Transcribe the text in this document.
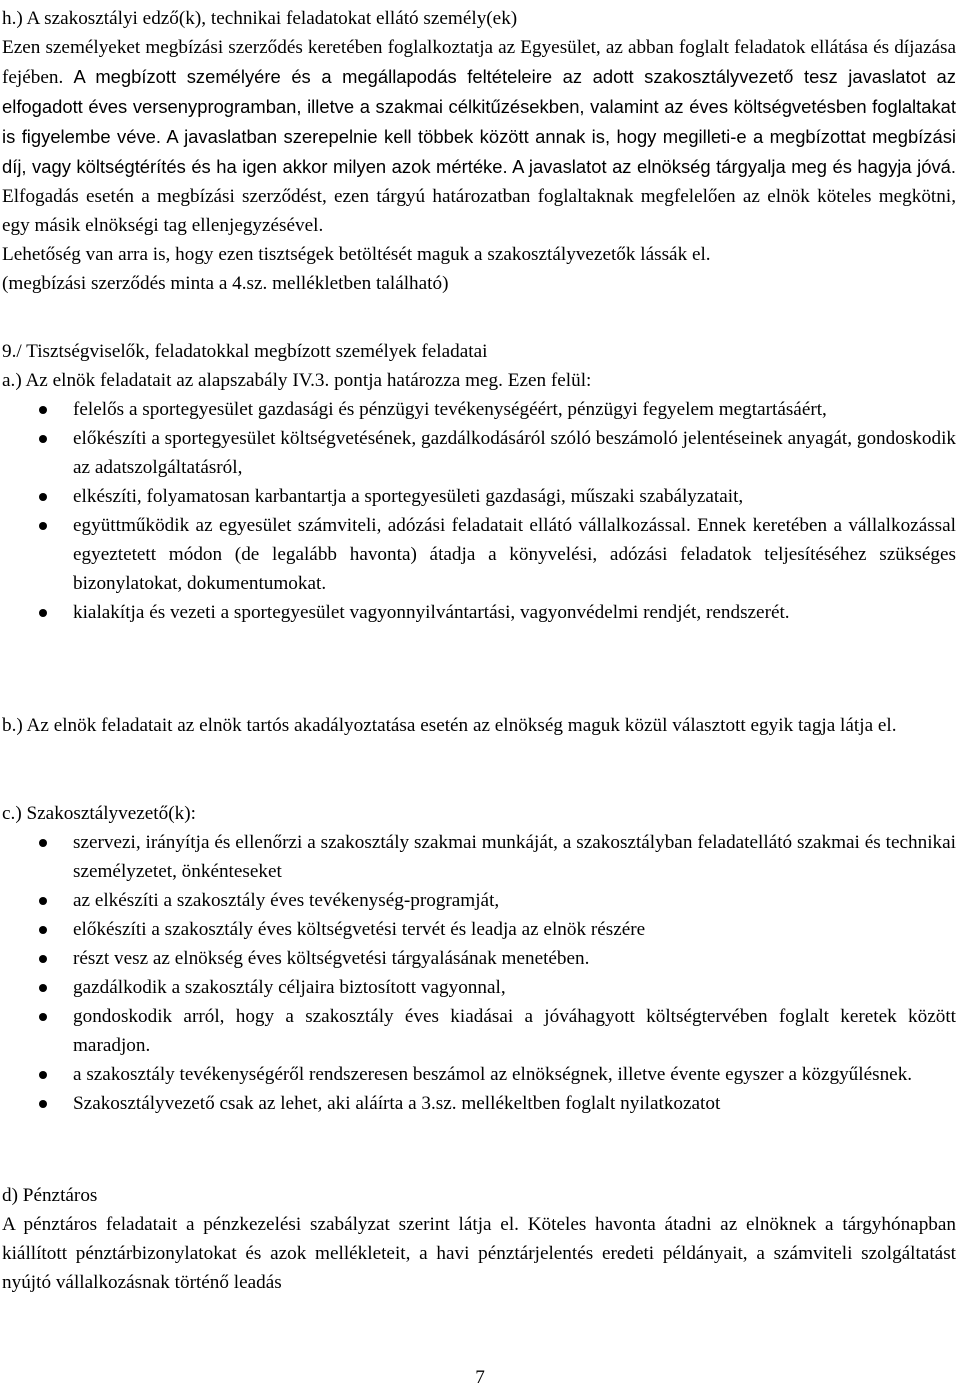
h.) A szakosztályi edző(k), technikai feladatokat ellátó személy(ek)
Ezen személyeket megbízási szerződés keretében foglalkoztatja az Egyesület, az abban foglalt feladatok ellátása és díjazása fejében. A megbízott személyére és a megállapodás feltételeire az adott szakosztályvezető tesz javaslatot az elfogadott éves versenyprogramban, illetve a szakmai célkitűzésekben, valamint az éves költségvetésben foglaltakat is figyelembe véve. A javaslatban szerepelnie kell többek között annak is, hogy megilleti-e a megbízottat megbízási díj, vagy költségtérítés és ha igen akkor milyen azok mértéke. A javaslatot az elnökség tárgyalja meg és hagyja jóvá. Elfogadás esetén a megbízási szerződést, ezen tárgyú határozatban foglaltaknak megfelelően az elnök köteles megkötni, egy másik elnökségi tag ellenjegyzésével.
Lehetőség van arra is, hogy ezen tisztségek betöltését maguk a szakosztályvezetők lássák el.
(megbízási szerződés minta a 4.sz. mellékletben található)
9./ Tisztségviselők, feladatokkal megbízott személyek feladatai
a.) Az elnök feladatait az alapszabály IV.3. pontja határozza meg. Ezen felül:
felelős a sportegyesület gazdasági és pénzügyi tevékenységéért, pénzügyi fegyelem megtartásáért,
előkészíti a sportegyesület költségvetésének, gazdálkodásáról szóló beszámoló jelentéseinek anyagát, gondoskodik az adatszolgáltatásról,
elkészíti, folyamatosan karbantartja a sportegyesületi gazdasági, műszaki szabályzatait,
együttműködik az egyesület számviteli, adózási feladatait ellátó vállalkozással. Ennek keretében a vállalkozással egyeztetett módon (de legalább havonta) átadja a könyvelési, adózási feladatok teljesítéséhez szükséges bizonylatokat, dokumentumokat.
kialakítja és vezeti a sportegyesület vagyonnyilvántartási, vagyonvédelmi rendjét, rendszerét.
b.) Az elnök feladatait az elnök tartós akadályoztatása esetén az elnökség maguk közül választott egyik tagja látja el.
c.) Szakosztályvezető(k):
szervezi, irányítja és ellenőrzi a szakosztály szakmai munkáját, a szakosztályban feladatellátó szakmai és technikai személyzetet, önkénteseket
az elkészíti a szakosztály éves tevékenység-programját,
előkészíti a szakosztály éves költségvetési tervét és leadja az elnök részére
részt vesz az elnökség éves költségvetési tárgyalásának menetében.
gazdálkodik a szakosztály céljaira biztosított vagyonnal,
gondoskodik arról, hogy a szakosztály éves kiadásai a jóváhagyott költségtervében foglalt keretek között maradjon.
a szakosztály tevékenységéről rendszeresen beszámol az elnökségnek, illetve évente egyszer a közgyűlésnek.
Szakosztályvezető csak az lehet, aki aláírta a 3.sz. mellékeltben foglalt nyilatkozatot
d) Pénztáros
A pénztáros feladatait a pénzkezelési szabályzat szerint látja el. Köteles havonta átadni az elnöknek a tárgyhónapban kiállított pénztárbizonylatokat és azok mellékleteit, a havi pénztárjelentés eredeti példányait, a számviteli szolgáltatást nyújtó vállalkozásnak történő leadás
7
